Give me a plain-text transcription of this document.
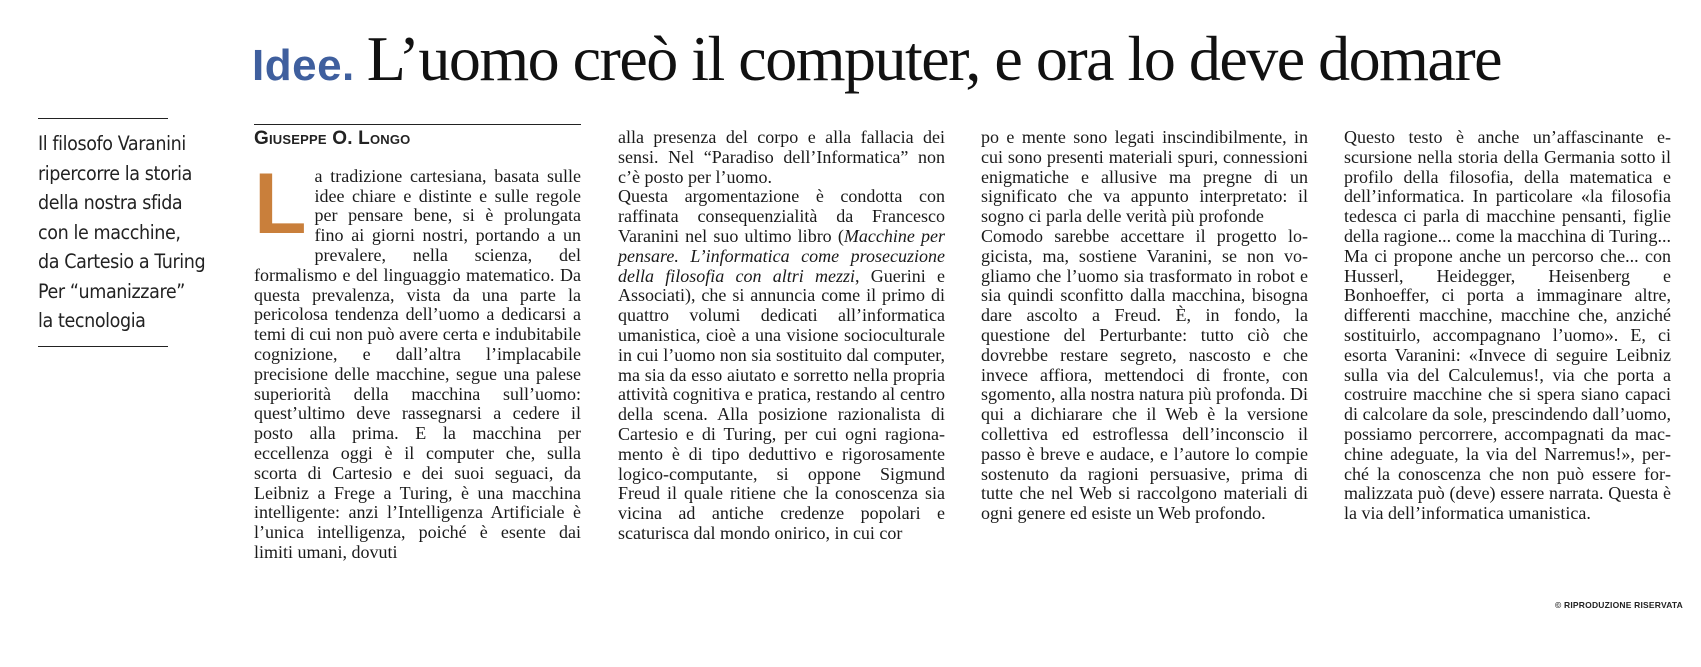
Idee. L’uomo creò il computer, e ora lo deve domare
Il filosofo Varanini
ripercorre la storia
della nostra sfida
con le macchine,
da Cartesio a Turing
Per “umanizzare”
la tecnologia
Giuseppe O. Longo

La tradizione cartesiana, basata sulle idee chiare e distinte e sulle regole per pensare bene, si è prolungata fino ai giorni nostri, portando a un prevalere, nella scienza, del formalismo e del linguaggio matematico. Da questa prevalenza, vista da una parte la pericolosa tendenza dell’uomo a dedicarsi a temi di cui non può avere certa e indubitabile cognizione, e dall’altra l’implacabile precisione delle macchine, segue una palese superiorità della macchina sull’uomo: quest’ultimo deve rassegnarsi a cedere il posto alla prima. E la macchina per eccellenza oggi è il computer che, sulla scorta di Cartesio e dei suoi seguaci, da Leibniz a Frege a Turing, è una macchina intelligente: anzi l’Intelligenza Artificiale è l’unica intelligenza, poiché è esente dai limiti umani, dovuti

alla presenza del corpo e alla fallacia dei sensi. Nel “Paradiso dell’Informatica” non c’è posto per l’uomo.

Questa argomentazione è condotta con raffinata consequenzialità da Francesco Varanini nel suo ultimo libro (Macchine per pensare. L’informatica come prosecuzione della filosofia con altri mezzi, Guerini e Associati), che si annuncia come il primo di quattro volumi dedicati all’informatica umanistica, cioè a una visione socioculturale in cui l’uomo non sia sostituito dal computer, ma sia da esso aiutato e sorretto nella propria attività cognitiva e pratica, restando al centro della scena. Alla posizione razionalista di Cartesio e di Turing, per cui ogni ragionamento è di tipo deduttivo e rigorosamente logico-computante, si oppone Sigmund Freud il quale ritiene che la conoscenza sia vicina ad antiche credenze popolari e scaturisca dal mondo onirico, in cui cor

po e mente sono legati inscindibilmente, in cui sono presenti materiali spuri, connessioni enigmatiche e allusive ma pregne di un significato che va appunto interpretato: il sogno ci parla delle verità più profonde

Comodo sarebbe accettare il progetto logicista, ma, sostiene Varanini, se non vogliamo che l’uomo sia trasformato in robot e sia quindi sconfitto dalla macchina, bisogna dare ascolto a Freud. È, in fondo, la questione del Perturbante: tutto ciò che dovrebbe restare segreto, nascosto e che invece affiora, mettendoci di fronte, con sgomento, alla nostra natura più profonda. Di qui a dichiarare che il Web è la versione collettiva ed estroflessa dell’inconscio il passo è breve e audace, e l’autore lo compie sostenuto da ragioni persuasive, prima di tutte che nel Web si raccolgono materiali di ogni genere ed esiste un Web profondo.

Questo testo è anche un’affascinante escursione nella storia della Germania sotto il profilo della filosofia, della matematica e dell’informatica. In particolare «la filosofia tedesca ci parla di macchine pensanti, figlie della ragione... come la macchina di Turing... Ma ci propone anche un percorso che... con Husserl, Heidegger, Heisenberg e Bonhoeffer, ci porta a immaginare altre, differenti macchine, macchine che, anziché sostituirlo, accompagnano l’uomo». E, ci esorta Varanini: «Invece di seguire Leibniz sulla via del Calculemus!, via che porta a costruire macchine che si spera siano capaci di calcolare da sole, prescindendo dall’uomo, possiamo percorrere, accompagnati da macchine adeguate, la via del Narremus!», perché la conoscenza che non può essere formalizzata può (deve) essere narrata. Questa è la via dell’informatica umanistica.

© RIPRODUZIONE RISERVATA
